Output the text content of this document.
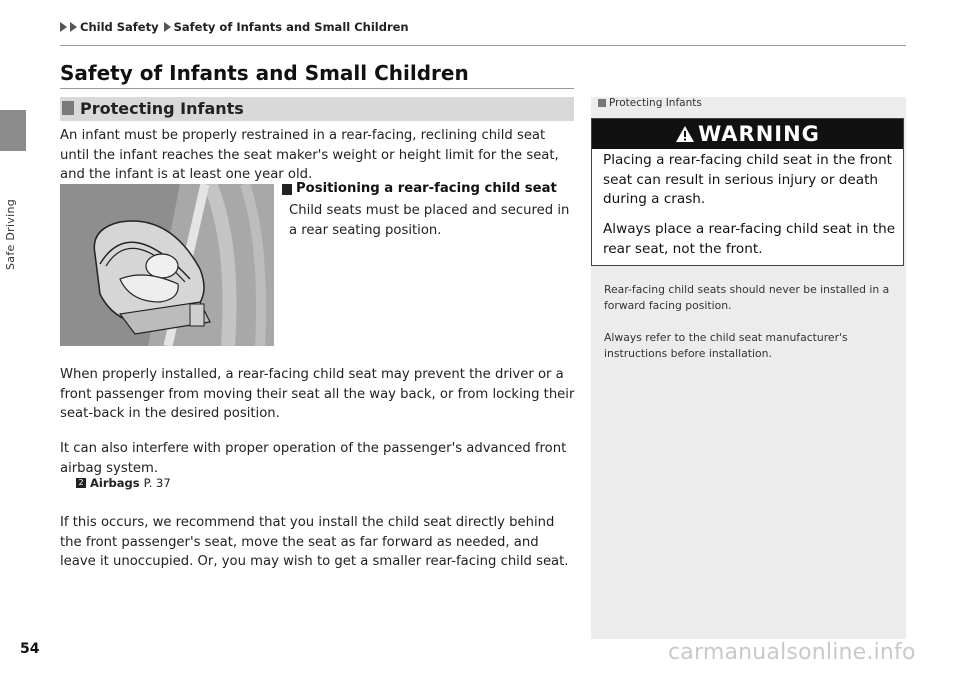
Safe Driving
Child Safety Safety of Infants and Small Children
Safety of Infants and Small Children
Protecting Infants
An infant must be properly restrained in a rear-facing, reclining child seat until the infant reaches the seat maker's weight or height limit for the seat, and the infant is at least one year old.
Positioning a rear-facing child seat
Child seats must be placed and secured in a rear seating position.
When properly installed, a rear-facing child seat may prevent the driver or a front passenger from moving their seat all the way back, or from locking their seat-back in the desired position.
It can also interfere with proper operation of the passenger's advanced front airbag system.
2 Airbags P. 37
If this occurs, we recommend that you install the child seat directly behind the front passenger's seat, move the seat as far forward as needed, and leave it unoccupied. Or, you may wish to get a smaller rear-facing child seat.
Protecting Infants
WARNING
Placing a rear-facing child seat in the front seat can result in serious injury or death during a crash.
Always place a rear-facing child seat in the rear seat, not the front.
Rear-facing child seats should never be installed in a forward facing position.
Always refer to the child seat manufacturer's instructions before installation.
54	carmanualsonline.info
